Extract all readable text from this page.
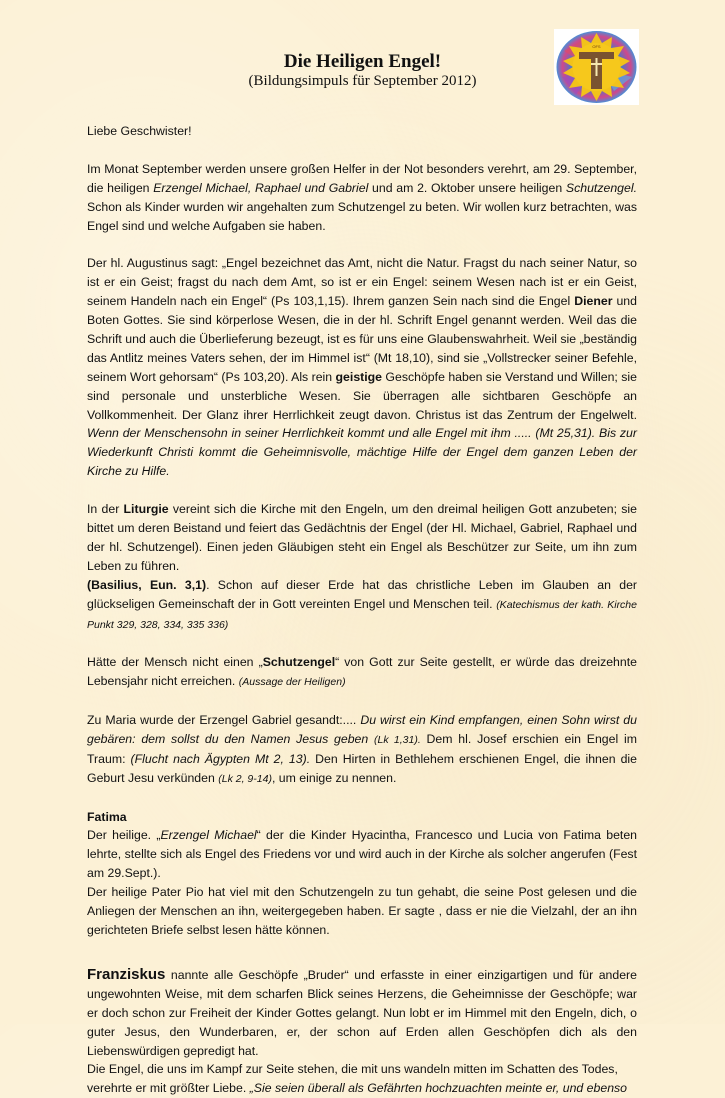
Die Heiligen Engel!

(Bildungsimpuls für September 2012)

OFS

Liebe Geschwister!

Im Monat September werden unsere großen Helfer in der Not besonders verehrt, am 29. September, die heiligen Erzengel Michael, Raphael und Gabriel und am 2. Oktober unsere heiligen Schutzengel. Schon als Kinder wurden wir angehalten zum Schutzengel zu beten. Wir wollen kurz betrachten, was Engel sind und welche Aufgaben sie haben.

Der hl. Augustinus sagt: „Engel bezeichnet das Amt, nicht die Natur. Fragst du nach seiner Natur, so ist er ein Geist; fragst du nach dem Amt, so ist er ein Engel: seinem Wesen nach ist er ein Geist, seinem Handeln nach ein Engel“ (Ps 103,1,15). Ihrem ganzen Sein nach sind die Engel Diener und Boten Gottes. Sie sind körperlose Wesen, die in der hl. Schrift Engel genannt werden. Weil das die Schrift und auch die Überlieferung bezeugt, ist es für uns eine Glaubenswahrheit. Weil sie „beständig das Antlitz meines Vaters sehen, der im Himmel ist“ (Mt 18,10), sind sie „Vollstrecker seiner Befehle, seinem Wort gehorsam“ (Ps 103,20). Als rein geistige Geschöpfe haben sie Verstand und Willen; sie sind personale und unsterbliche Wesen. Sie überragen alle sichtbaren Geschöpfe an Vollkommenheit. Der Glanz ihrer Herrlichkeit zeugt davon. Christus ist das Zentrum der Engelwelt. Wenn der Menschensohn in seiner Herrlichkeit kommt und alle Engel mit ihm ..... (Mt 25,31). Bis zur Wiederkunft Christi kommt die Geheimnisvolle, mächtige Hilfe der Engel dem ganzen Leben der Kirche zu Hilfe.

In der Liturgie vereint sich die Kirche mit den Engeln, um den dreimal heiligen Gott anzubeten; sie bittet um deren Beistand und feiert das Gedächtnis der Engel (der Hl. Michael, Gabriel, Raphael und der hl. Schutzengel). Einen jeden Gläubigen steht ein Engel als Beschützer zur Seite, um ihn zum Leben zu führen.

(Basilius, Eun. 3,1). Schon auf dieser Erde hat das christliche Leben im Glauben an der glückseligen Gemeinschaft der in Gott vereinten Engel und Menschen teil. (Katechismus der kath. Kirche Punkt 329, 328, 334, 335 336)

Hätte der Mensch nicht einen „Schutzengel“ von Gott zur Seite gestellt, er würde das dreizehnte Lebensjahr nicht erreichen. (Aussage der Heiligen)

Zu Maria wurde der Erzengel Gabriel gesandt:.... Du wirst ein Kind empfangen, einen Sohn wirst du gebären: dem sollst du den Namen Jesus geben (Lk 1,31). Dem hl. Josef erschien ein Engel im Traum: (Flucht nach Ägypten Mt 2, 13). Den Hirten in Bethlehem erschienen Engel, die ihnen die Geburt Jesu verkünden (Lk 2, 9-14), um einige zu nennen.

Fatima

Der heilige. „Erzengel Michael“ der die Kinder Hyacintha, Francesco und Lucia von Fatima beten lehrte, stellte sich als Engel des Friedens vor und wird auch in der Kirche als solcher angerufen (Fest am 29.Sept.).

Der heilige Pater Pio hat viel mit den Schutzengeln zu tun gehabt, die seine Post gelesen und die Anliegen der Menschen an ihn, weitergegeben haben. Er sagte , dass er nie die Vielzahl, der an ihn gerichteten Briefe selbst lesen hätte können.

Franziskus nannte alle Geschöpfe „Bruder“ und erfasste in einer einzigartigen und für andere ungewohnten Weise, mit dem scharfen Blick seines Herzens, die Geheimnisse der Geschöpfe; war er doch schon zur Freiheit der Kinder Gottes gelangt. Nun lobt er im Himmel mit den Engeln, dich, o guter Jesus, den Wunderbaren, er, der schon auf Erden allen Geschöpfen dich als den Liebenswürdigen gepredigt hat.

Die Engel, die uns im Kampf zur Seite stehen, die mit uns wandeln mitten im Schatten des Todes, verehrte er mit größter Liebe. „Sie seien überall als Gefährten hochzuachten meinte er, und ebenso
